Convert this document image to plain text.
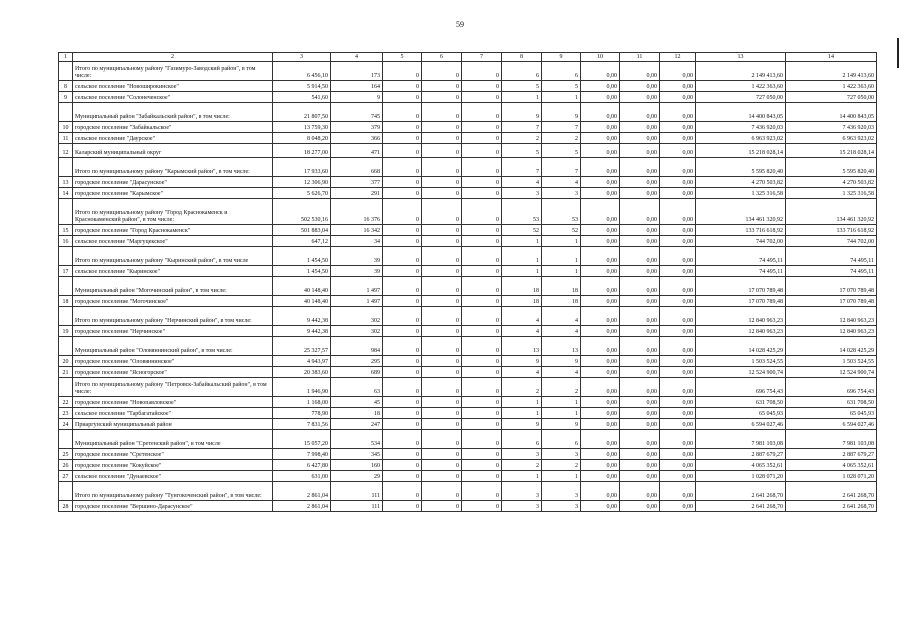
59
1	2	3	4	5	6	7	8	9	10	11	12	13	14
	Итого по муниципальному району "Газимуро-Заводский район", в том числе:	6 456,10	173	0	0	0	6	6	0,00	0,00	0,00	2 149 413,60	2 149 413,60
8	сельское поселение "Новоширокинское"	5 914,50	164	0	0	0	5	5	0,00	0,00	0,00	1 422 363,60	1 422 363,60
9	сельское поселение "Солонеченское"	541,60	9	0	0	0	1	1	0,00	0,00	0,00	727 050,00	727 050,00
	Муниципальный район "Забайкальский район", в том числе:	21 807,50	745	0	0	0	9	9	0,00	0,00	0,00	14 400 843,05	14 400 843,05
10	городское поселение "Забайкальское"	13 759,30	379	0	0	0	7	7	0,00	0,00	0,00	7 436 920,03	7 436 920,03
11	сельское поселение "Даурское"	8 048,20	366	0	0	0	2	2	0,00	0,00	0,00	6 963 923,02	6 963 923,02
12	Каларский муниципальный округ	18 277,00	471	0	0	0	5	5	0,00	0,00	0,00	15 218 028,14	15 218 028,14
	Итого по муниципальному району "Карымский район", в том числе:	17 933,60	668	0	0	0	7	7	0,00	0,00	0,00	5 595 820,40	5 595 820,40
13	городское поселение "Дарасунское"	12 306,90	377	0	0	0	4	4	0,00	0,00	0,00	4 270 503,82	4 270 503,82
14	городское поселение "Карымское"	5 626,70	291	0	0	0	3	3	0,00	0,00	0,00	1 325 316,58	1 325 316,58
	Итого по муниципальному району "Город Краснокаменск и Краснокаменский район", в том числе:	502 530,16	16 376	0	0	0	53	53	0,00	0,00	0,00	134 461 320,92	134 461 320,92
15	городское поселение "Город Краснокаменск"	501 883,04	16 342	0	0	0	52	52	0,00	0,00	0,00	133 716 618,92	133 716 618,92
16	сельское поселение "Маргуцекское"	647,12	34	0	0	0	1	1	0,00	0,00	0,00	744 702,00	744 702,00
	Итого по муниципальному району "Кыринский район", в том числе	1 454,50	39	0	0	0	1	1	0,00	0,00	0,00	74 495,11	74 495,11
17	сельское поселение "Кыринское"	1 454,50	39	0	0	0	1	1	0,00	0,00	0,00	74 495,11	74 495,11
	Муниципальный район "Могочинский район", в том числе:	40 148,40	1 497	0	0	0	18	18	0,00	0,00	0,00	17 070 789,48	17 070 789,48
18	городское поселение "Могочинское"	40 148,40	1 497	0	0	0	18	18	0,00	0,00	0,00	17 070 789,48	17 070 789,48
	Итого по муниципальному району "Нерчинский район", в том числе:	9 442,38	302	0	0	0	4	4	0,00	0,00	0,00	12 840 963,23	12 840 963,23
19	городское поселение "Нерчинское"	9 442,38	302	0	0	0	4	4	0,00	0,00	0,00	12 840 963,23	12 840 963,23
	Муниципальный район "Оловяннинский район", в том числе:	25 327,57	984	0	0	0	13	13	0,00	0,00	0,00	14 028 425,29	14 028 425,29
20	городское поселение "Оловяннинское"	4 943,97	295	0	0	0	9	9	0,00	0,00	0,00	1 503 524,55	1 503 524,55
21	городское поселение "Ясногорское"	20 383,60	689	0	0	0	4	4	0,00	0,00	0,00	12 524 900,74	12 524 900,74
	Итого по муниципальному району "Петровск-Забайкальский район", в том числе:	1 946,90	63	0	0	0	2	2	0,00	0,00	0,00	696 754,43	696 754,43
22	городское поселение "Новопавловское"	1 168,00	45	0	0	0	1	1	0,00	0,00	0,00	631 708,50	631 708,50
23	сельское поселение "Тарбагатайское"	778,90	18	0	0	0	1	1	0,00	0,00	0,00	65 045,93	65 045,93
24	Приаргунский муниципальный район	7 831,56	247	0	0	0	9	9	0,00	0,00	0,00	6 594 027,46	6 594 027,46
	Муниципальный район "Сретенский район", в том числе	15 057,20	534	0	0	0	6	6	0,00	0,00	0,00	7 981 103,08	7 981 103,08
25	городское поселение "Сретенское"	7 998,40	345	0	0	0	3	3	0,00	0,00	0,00	2 887 679,27	2 887 679,27
26	городское поселение "Кокуйское"	6 427,80	160	0	0	0	2	2	0,00	0,00	0,00	4 065 352,61	4 065 352,61
27	сельское поселение "Дунаевское"	631,00	29	0	0	0	1	1	0,00	0,00	0,00	1 028 071,20	1 028 071,20
	Итого по муниципальному району "Тунгокоченский район", в том числе:	2 861,04	111	0	0	0	3	3	0,00	0,00	0,00	2 641 268,70	2 641 268,70
28	городское поселение "Вершино-Дарасунское"	2 861,04	111	0	0	0	3	3	0,00	0,00	0,00	2 641 268,70	2 641 268,70
